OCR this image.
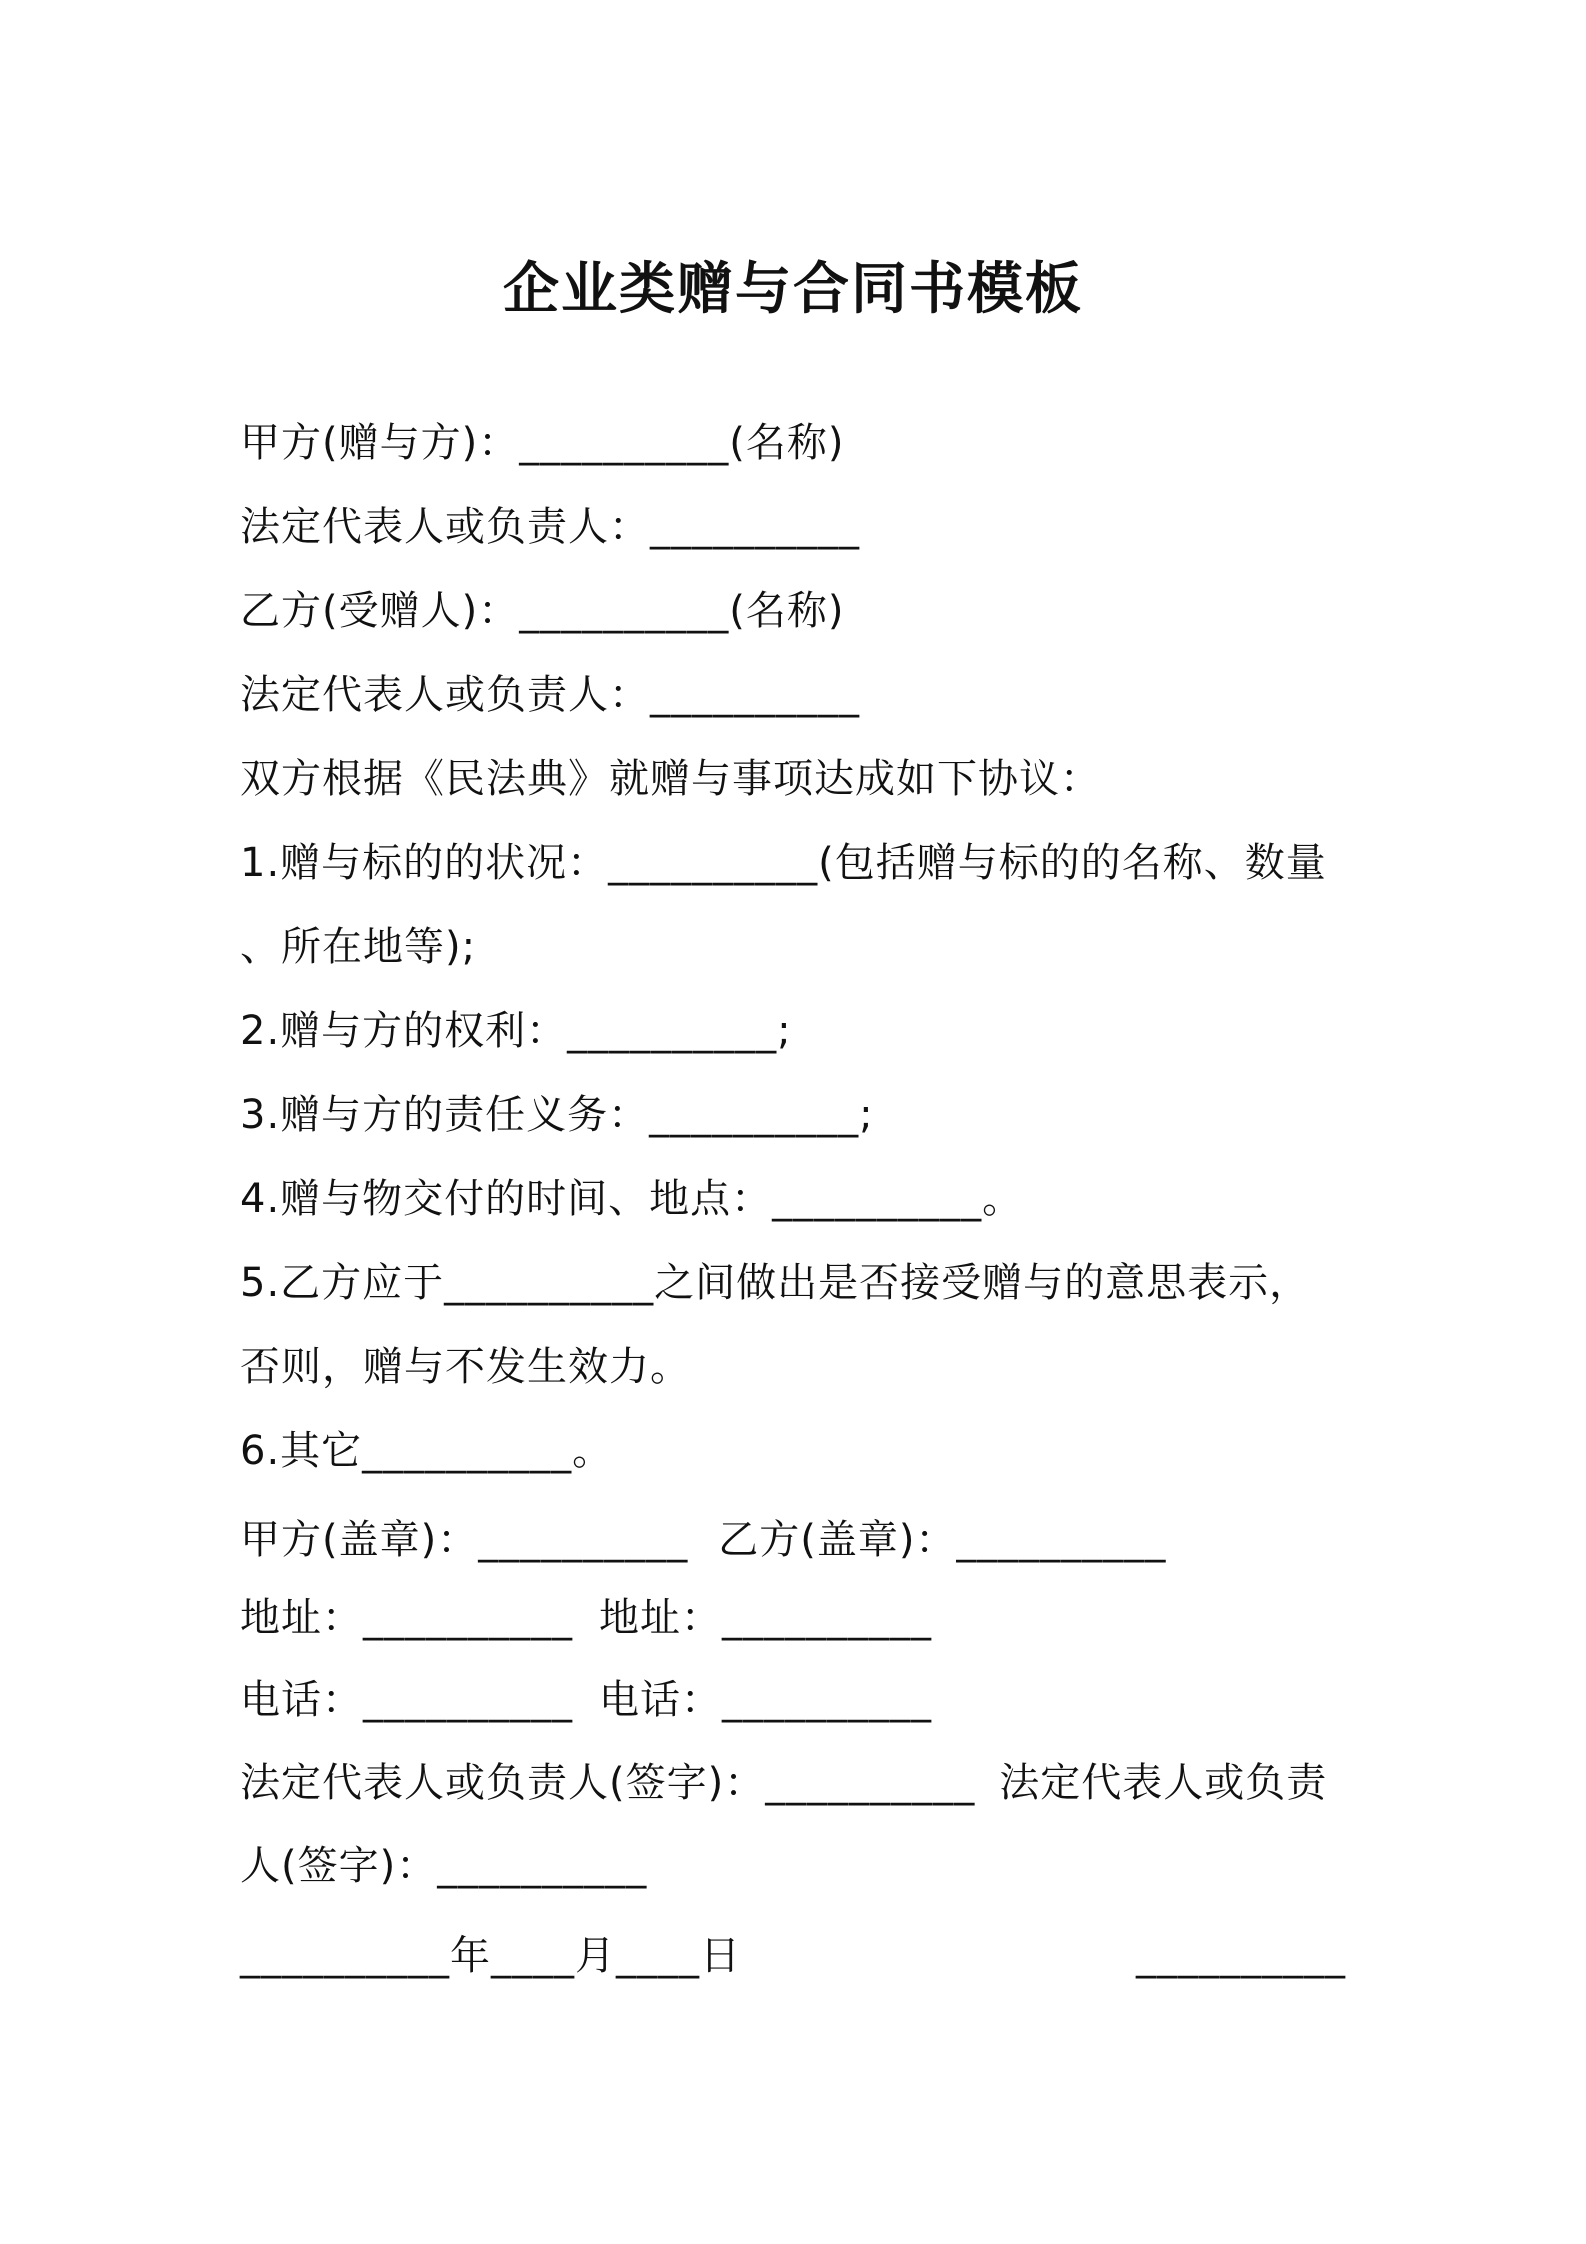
企业类赠与合同书模板
甲方(赠与方)：__________(名称)
法定代表人或负责人：__________
乙方(受赠人)：__________(名称)
法定代表人或负责人：__________
双方根据《民法典》就赠与事项达成如下协议：
1.赠与标的的状况：__________(包括赠与标的的名称、数量
、所在地等);
2.赠与方的权利：__________;
3.赠与方的责任义务：__________;
4.赠与物交付的时间、地点：__________。
5.乙方应于__________之间做出是否接受赠与的意思表示，
否则，赠与不发生效力。
6.其它__________。
甲方(盖章)：__________ 乙方(盖章)：__________
地址：__________ 地址：__________
电话：__________ 电话：__________
法定代表人或负责人(签字)：__________ 法定代表人或负责
人(签字)：__________
__________年____月____日	__________
